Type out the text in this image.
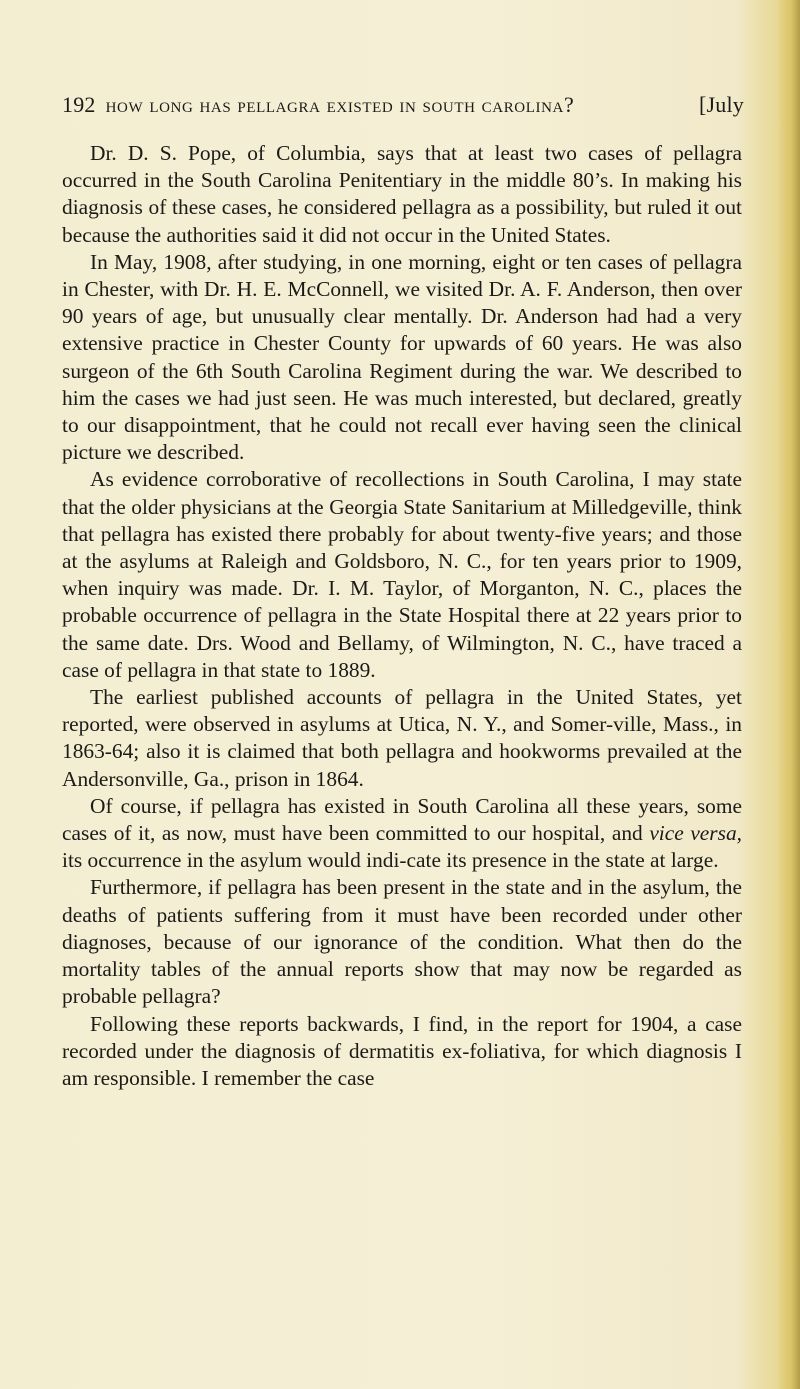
192 how long has pellagra existed in south carolina?	[July

Dr. D. S. Pope, of Columbia, says that at least two cases of pellagra occurred in the South Carolina Penitentiary in the middle 80’s. In making his diagnosis of these cases, he considered pellagra as a possibility, but ruled it out because the authorities said it did not occur in the United States.

In May, 1908, after studying, in one morning, eight or ten cases of pellagra in Chester, with Dr. H. E. McConnell, we visited Dr. A. F. Anderson, then over 90 years of age, but unusually clear mentally. Dr. Anderson had had a very extensive practice in Chester County for upwards of 60 years. He was also surgeon of the 6th South Carolina Regiment during the war. We described to him the cases we had just seen. He was much interested, but declared, greatly to our disappointment, that he could not recall ever having seen the clinical picture we described.

As evidence corroborative of recollections in South Carolina, I may state that the older physicians at the Georgia State Sanitarium at Milledgeville, think that pellagra has existed there probably for about twenty-five years; and those at the asylums at Raleigh and Goldsboro, N. C., for ten years prior to 1909, when inquiry was made. Dr. I. M. Taylor, of Morganton, N. C., places the probable occurrence of pellagra in the State Hospital there at 22 years prior to the same date. Drs. Wood and Bellamy, of Wilmington, N. C., have traced a case of pellagra in that state to 1889.

The earliest published accounts of pellagra in the United States, yet reported, were observed in asylums at Utica, N. Y., and Somer-ville, Mass., in 1863-64; also it is claimed that both pellagra and hookworms prevailed at the Andersonville, Ga., prison in 1864.

Of course, if pellagra has existed in South Carolina all these years, some cases of it, as now, must have been committed to our hospital, and vice versa, its occurrence in the asylum would indi-cate its presence in the state at large.

Furthermore, if pellagra has been present in the state and in the asylum, the deaths of patients suffering from it must have been recorded under other diagnoses, because of our ignorance of the condition. What then do the mortality tables of the annual reports show that may now be regarded as probable pellagra?

Following these reports backwards, I find, in the report for 1904, a case recorded under the diagnosis of dermatitis ex-foliativa, for which diagnosis I am responsible. I remember the case
